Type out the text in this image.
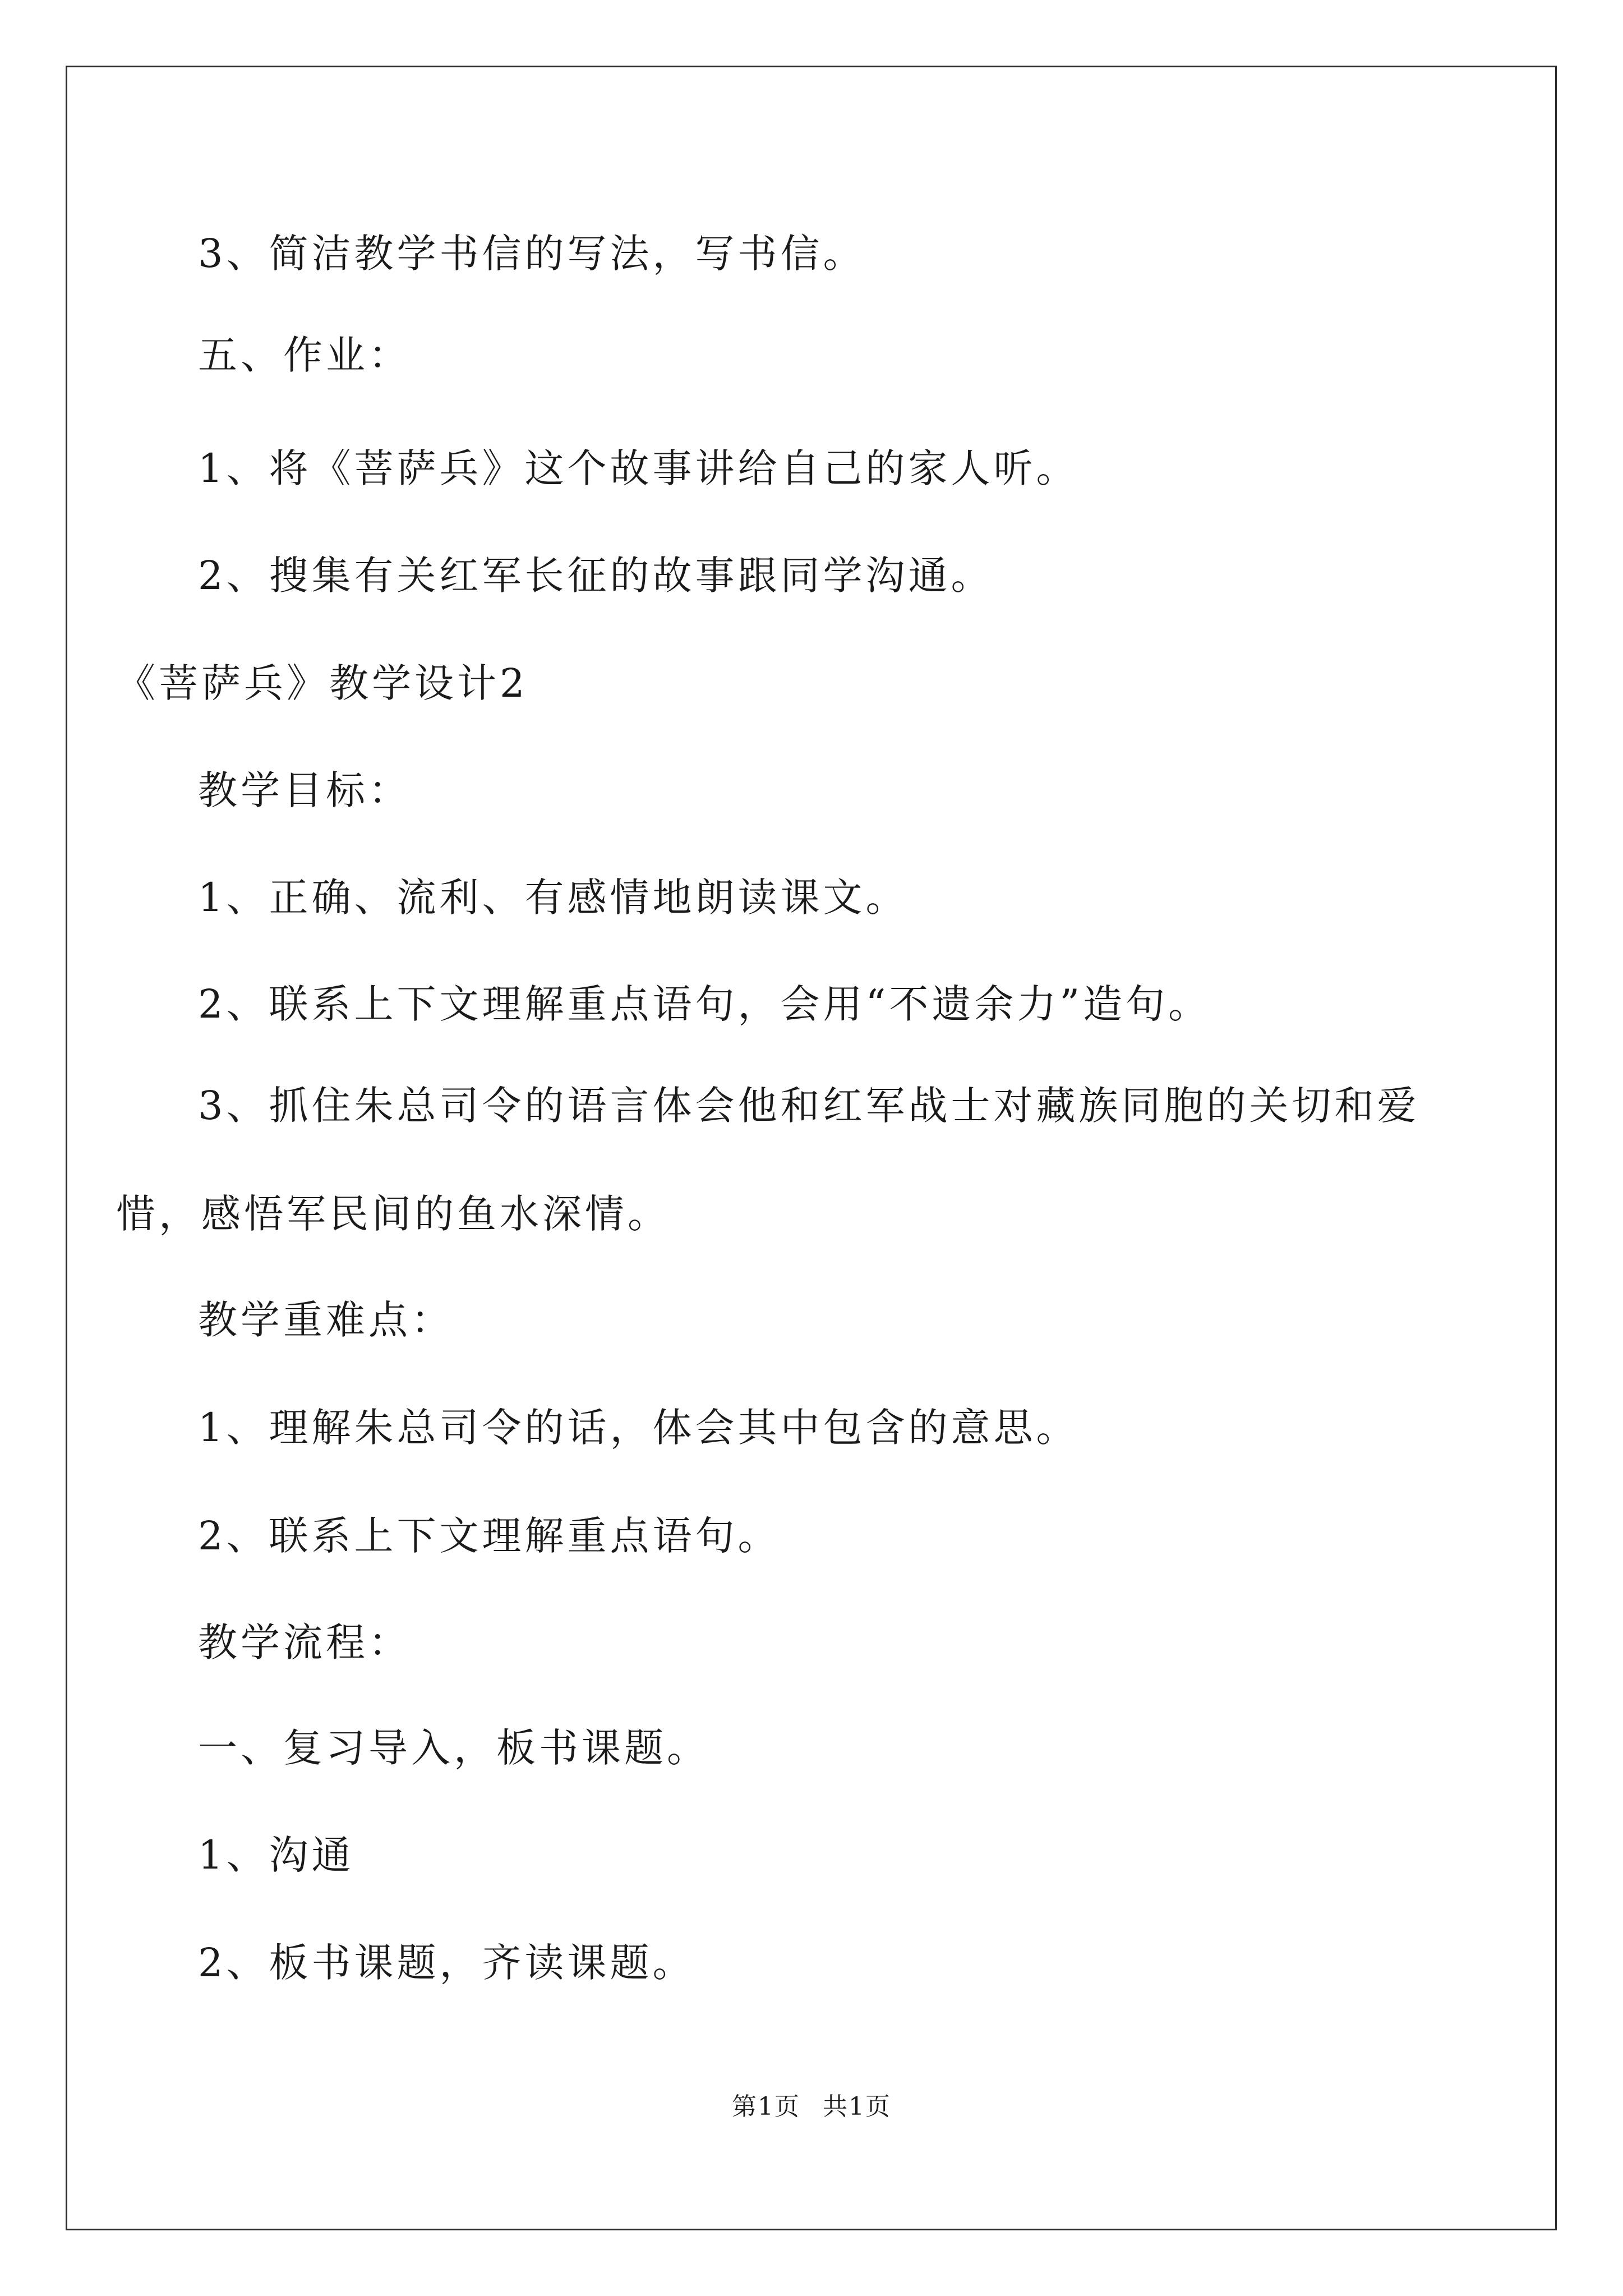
3、简洁教学书信的写法，写书信。
五、作业：
1、将《菩萨兵》这个故事讲给自己的家人听。
2、搜集有关红军长征的故事跟同学沟通。
《菩萨兵》教学设计2
教学目标：
1、正确、流利、有感情地朗读课文。
2、联系上下文理解重点语句，会用“不遗余力”造句。
3、抓住朱总司令的语言体会他和红军战士对藏族同胞的关切和爱
惜，感悟军民间的鱼水深情。
教学重难点：
1、理解朱总司令的话，体会其中包含的意思。
2、联系上下文理解重点语句。
教学流程：
一、复习导入，板书课题。
1、沟通
2、板书课题，齐读课题。
第1页 共1页
